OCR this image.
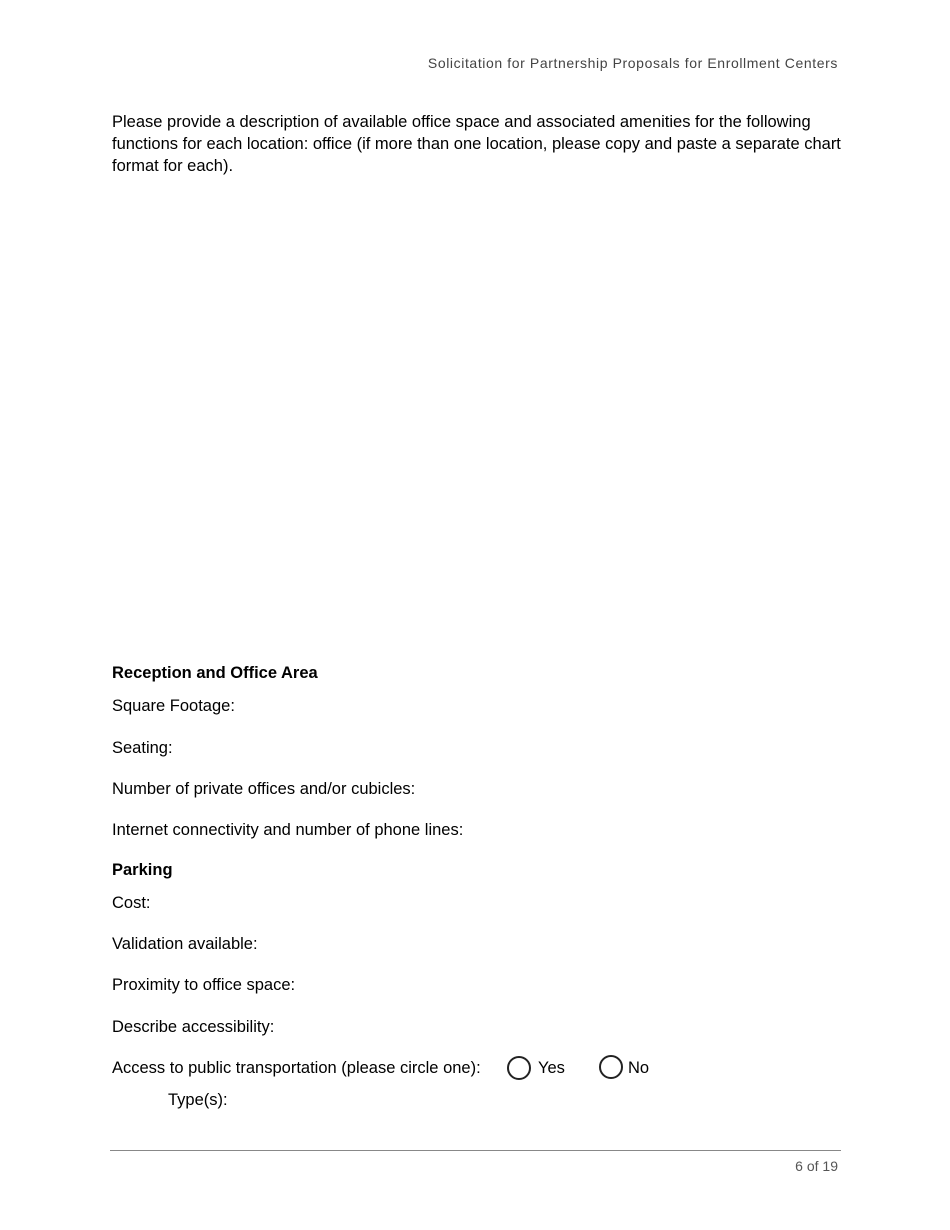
Solicitation for Partnership Proposals for Enrollment Centers
Please provide a description of available office space and associated amenities for the following functions for each location: office (if more than one location, please copy and paste a separate chart format for each).
Reception and Office Area
Square Footage:
Seating:
Number of private offices and/or cubicles:
Internet connectivity and number of phone lines:
Parking
Cost:
Validation available:
Proximity to office space:
Describe accessibility:
Access to public transportation (please circle one):	Yes	No
Type(s):
6 of 19
